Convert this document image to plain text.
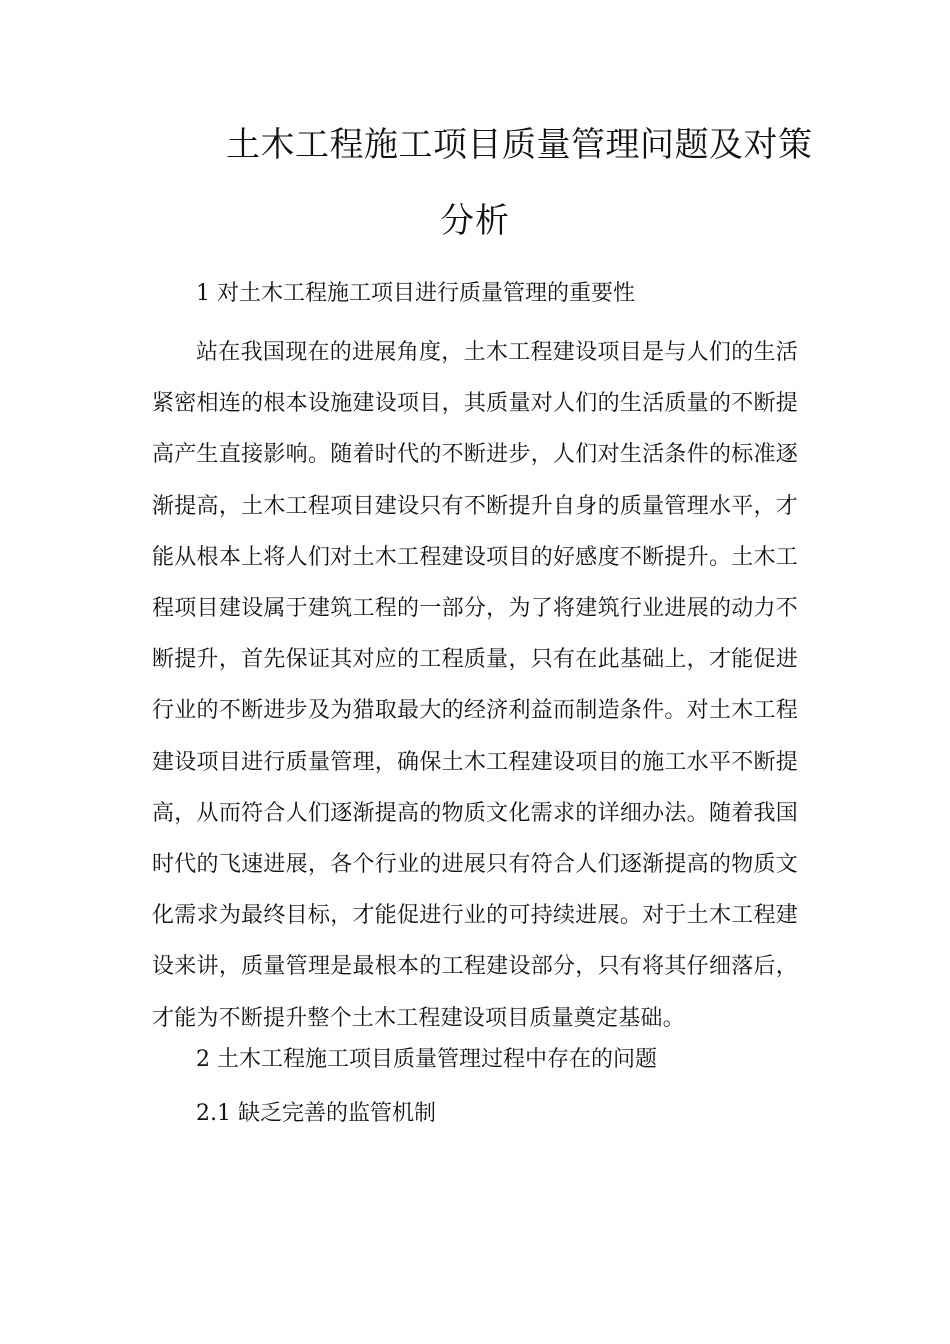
土木工程施工项目质量管理问题及对策
分析
1 对土木工程施工项目进行质量管理的重要性
站在我国现在的进展角度，土木工程建设项目是与人们的生活紧密相连的根本设施建设项目，其质量对人们的生活质量的不断提高产生直接影响。随着时代的不断进步，人们对生活条件的标准逐渐提高，土木工程项目建设只有不断提升自身的质量管理水平，才能从根本上将人们对土木工程建设项目的好感度不断提升。土木工程项目建设属于建筑工程的一部分，为了将建筑行业进展的动力不断提升，首先保证其对应的工程质量，只有在此基础上，才能促进行业的不断进步及为猎取最大的经济利益而制造条件。对土木工程建设项目进行质量管理，确保土木工程建设项目的施工水平不断提高，从而符合人们逐渐提高的物质文化需求的详细办法。随着我国时代的飞速进展，各个行业的进展只有符合人们逐渐提高的物质文化需求为最终目标，才能促进行业的可持续进展。对于土木工程建设来讲，质量管理是最根本的工程建设部分，只有将其仔细落后，才能为不断提升整个土木工程建设项目质量奠定基础。
2 土木工程施工项目质量管理过程中存在的问题
2.1 缺乏完善的监管机制
